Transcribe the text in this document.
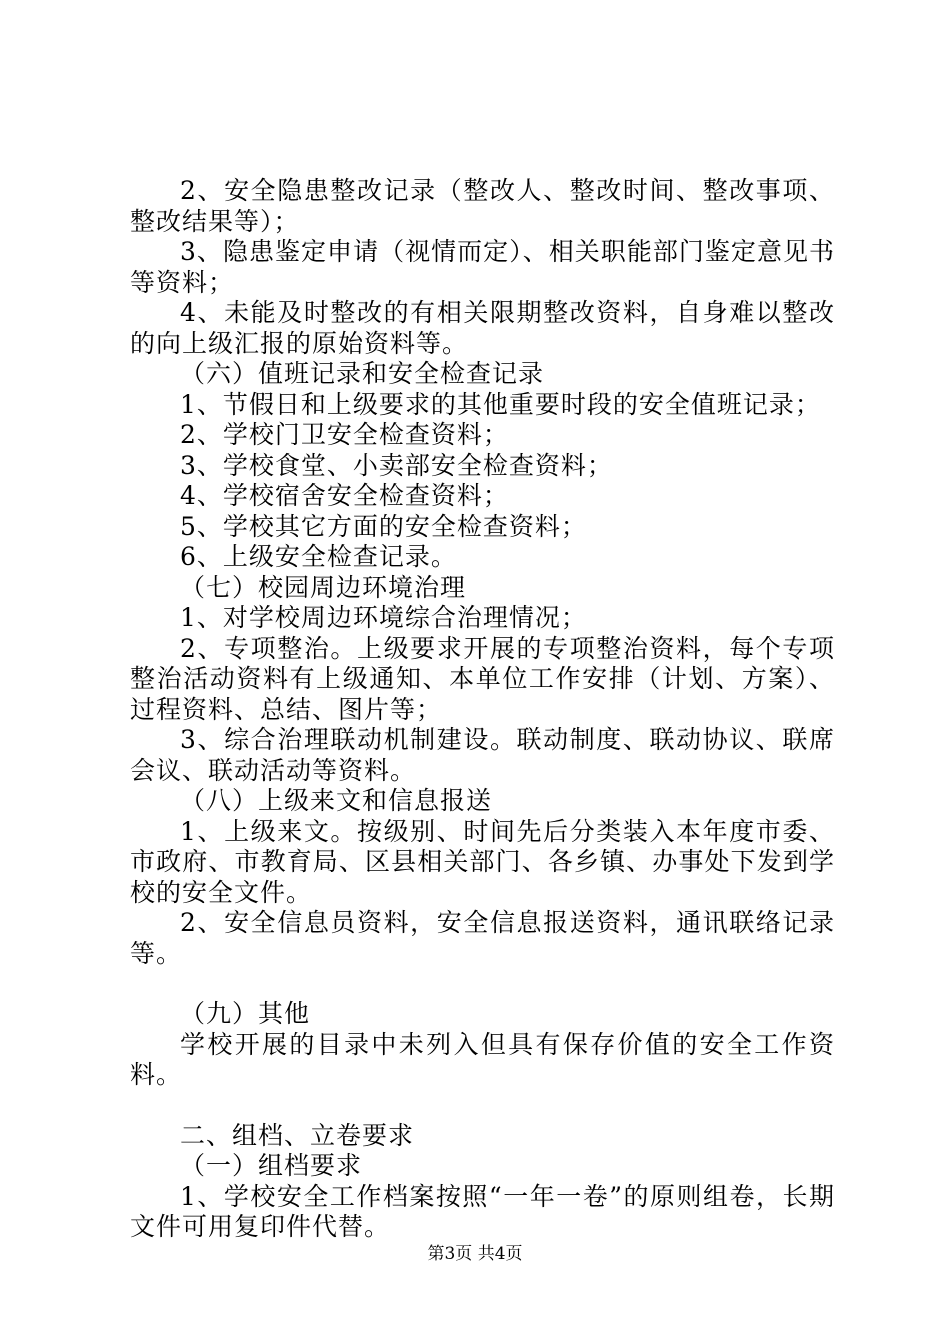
2、安全隐患整改记录（整改人、整改时间、整改事项、整改结果等）；

3、隐患鉴定申请（视情而定）、相关职能部门鉴定意见书等资料；

4、未能及时整改的有相关限期整改资料，自身难以整改的向上级汇报的原始资料等。

（六）值班记录和安全检查记录

1、节假日和上级要求的其他重要时段的安全值班记录；

2、学校门卫安全检查资料；

3、学校食堂、小卖部安全检查资料；

4、学校宿舍安全检查资料；

5、学校其它方面的安全检查资料；

6、上级安全检查记录。

（七）校园周边环境治理

1、对学校周边环境综合治理情况；

2、专项整治。上级要求开展的专项整治资料，每个专项整治活动资料有上级通知、本单位工作安排（计划、方案）、过程资料、总结、图片等；

3、综合治理联动机制建设。联动制度、联动协议、联席会议、联动活动等资料。

（八）上级来文和信息报送

1、上级来文。按级别、时间先后分类装入本年度市委、市政府、市教育局、区县相关部门、各乡镇、办事处下发到学校的安全文件。

2、安全信息员资料，安全信息报送资料，通讯联络记录等。

（九）其他

学校开展的目录中未列入但具有保存价值的安全工作资料。

二、组档、立卷要求

（一）组档要求

1、学校安全工作档案按照“一年一卷”的原则组卷，长期文件可用复印件代替。

第3页 共4页
